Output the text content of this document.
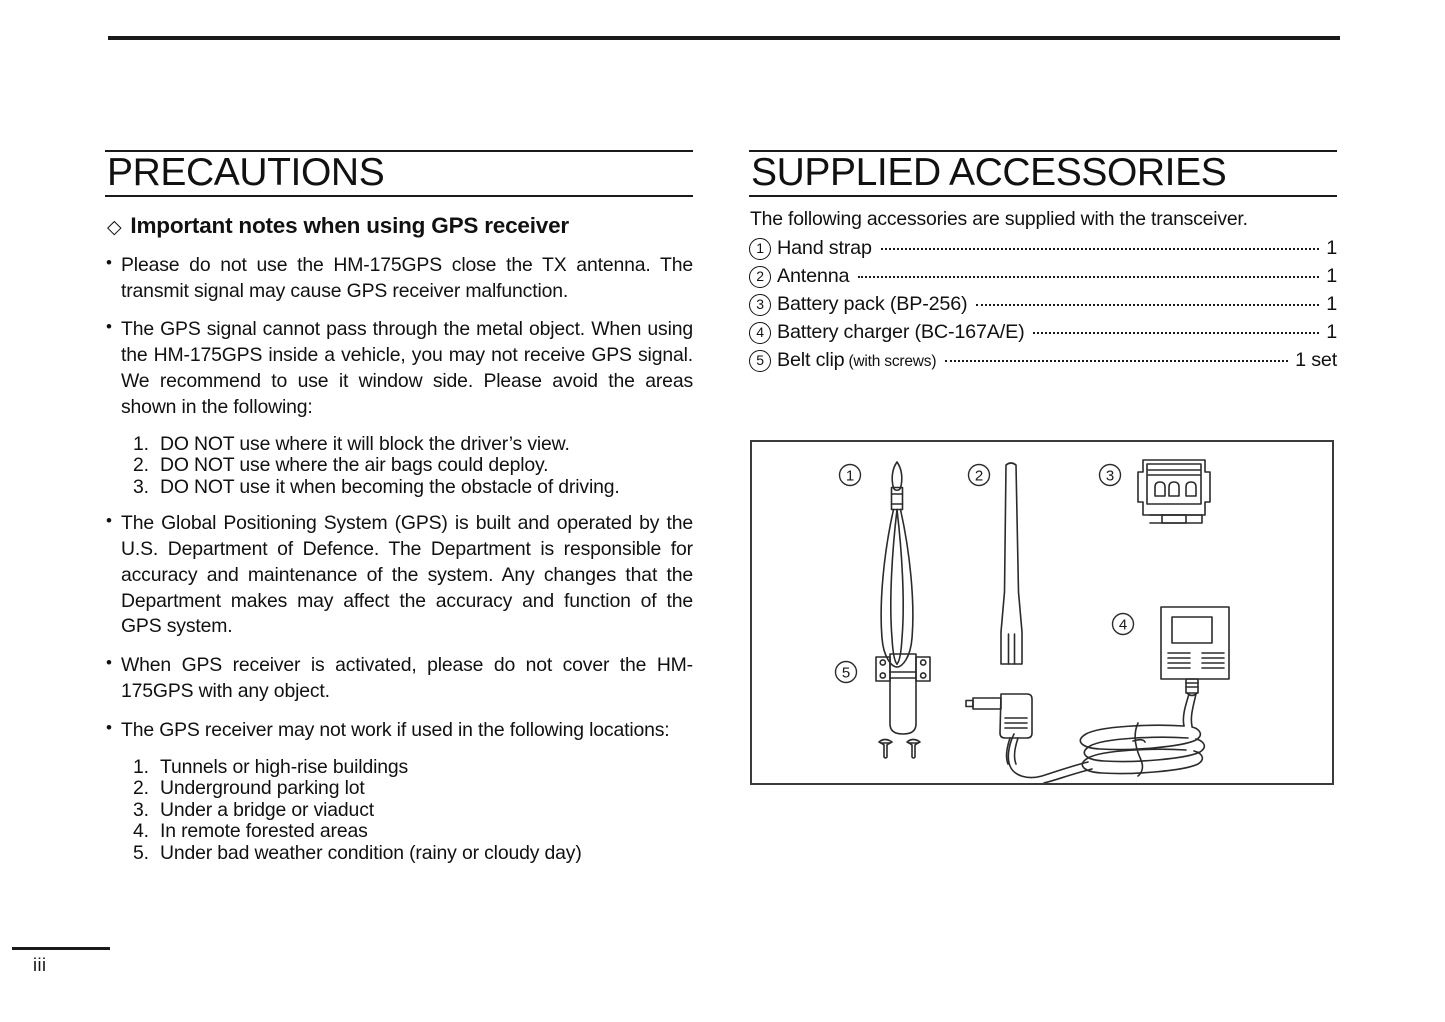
PRECAUTIONS
◇ Important notes when using GPS receiver

• Please do not use the HM-175GPS close the TX antenna. The transmit signal may cause GPS receiver malfunction.

• The GPS signal cannot pass through the metal object. When using the HM-175GPS inside a vehicle, you may not receive GPS signal. We recommend to use it window side. Please avoid the areas shown in the following:

1. DO NOT use where it will block the driver’s view.
2. DO NOT use where the air bags could deploy.
3. DO NOT use it when becoming the obstacle of driving.

• The Global Positioning System (GPS) is built and operated by the U.S. Department of Defence. The Department is responsible for accuracy and maintenance of the system. Any changes that the Department makes may affect the accuracy and function of the GPS system.

• When GPS receiver is activated, please do not cover the HM-175GPS with any object.

• The GPS receiver may not work if used in the following locations:

1. Tunnels or high-rise buildings
2. Underground parking lot
3. Under a bridge or viaduct
4. In remote forested areas
5. Under bad weather condition (rainy or cloudy day)
SUPPLIED ACCESSORIES

The following accessories are supplied with the transceiver.

1 Hand strap	1
2 Antenna	1
3 Battery pack (BP-256)	1
4 Battery charger (BC-167A/E)	1
5 Belt clip (with screws)	1 set
1	2
5
3
4
iii
